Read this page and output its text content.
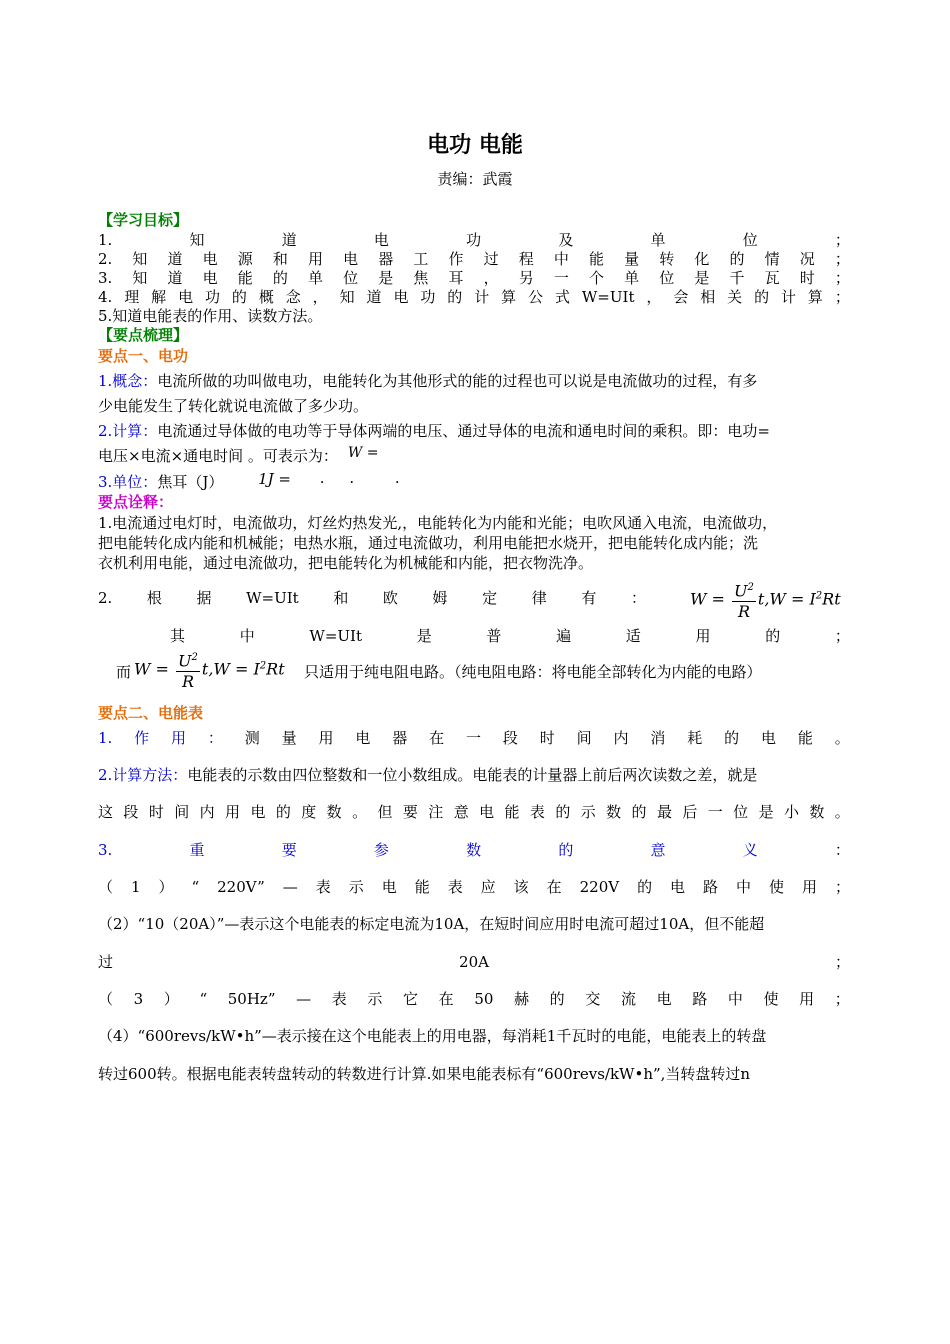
电功 电能
责编：武霞
【学习目标】
1.	知	道	电	功	及	单	位	；
2. 知 道 电 源 和 用 电 器 工 作 过 程 中 能 量 转 化 的 情 况 ；
3. 知 道 电 能 的 单 位 是 焦 耳 ， 另 一 个 单 位 是 千 瓦 时 ；
4. 理 解 电 功 的 概 念 ， 知 道 电 功 的 计 算 公 式 W=UIt ， 会 相 关 的 计 算 ；
5.知道电能表的作用、读数方法。
【要点梳理】
要点一、电功
1.概念：电流所做的功叫做电功，电能转化为其他形式的能的过程也可以说是电流做功的过程，有多
少电能发生了转化就说电流做了多少功。
2.计算：电流通过导体做的电功等于导体两端的电压、通过导体的电流和通电时间的乘积。即：电功=
电压×电流×通电时间 。可表示为： W =
3.单位：焦耳（J） 1J = · ·	·
要点诠释：
1.电流通过电灯时，电流做功，灯丝灼热发光,，电能转化为内能和光能；电吹风通入电流，电流做功，
把电能转化成内能和机械能；电热水瓶，通过电流做功，利用电能把水烧开，把电能转化成内能；洗
衣机利用电能，通过电流做功，把电能转化为机械能和内能，把衣物洗净。
2. 根 据 W=UIt 和 欧 姆 定 律 有 ：	$W = \frac{U^2}{R} t,W = I^2Rt$
其	中	W=UIt	是	普	遍	适	用	的	；
而 $W = \frac{U^2}{R} t,W = I^2Rt$ 只适用于纯电阻电路。（纯电阻电路：将电能全部转化为内能的电路）
要点二、电能表
1. 作 用 ： 测 量 用 电 器 在 一 段 时 间 内 消 耗 的 电 能 。
2.计算方法：电能表的示数由四位整数和一位小数组成。电能表的计量器上前后两次读数之差，就是
这 段 时 间 内 用 电 的 度 数 。 但 要 注 意 电 能 表 的 示 数 的 最 后 一 位 是 小 数 。
3.	重	要	参	数	的	意	义	：
（ 1 ） “ 220V” — 表 示 电 能 表 应 该 在 220V 的 电 路 中 使 用 ；
（2）“10（20A）”—表示这个电能表的标定电流为10A，在短时间应用时电流可超过10A，但不能超
过	20A	；
（ 3 ） “ 50Hz” — 表 示 它 在 50 赫 的 交 流 电 路 中 使 用 ；
（4）“600revs/kW•h”—表示接在这个电能表上的用电器，每消耗1千瓦时的电能，电能表上的转盘
转过600转。根据电能表转盘转动的转数进行计算.如果电能表标有“600revs/kW•h”,当转盘转过n
